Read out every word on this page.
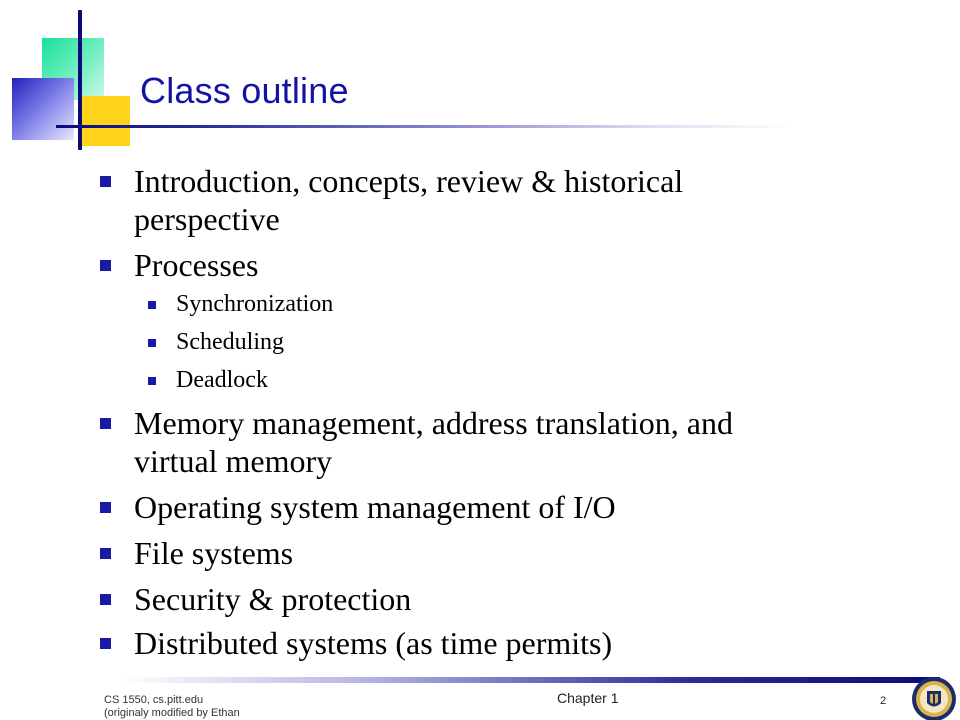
Class outline
Introduction, concepts, review & historical
perspective
Processes
Synchronization
Scheduling
Deadlock
Memory management, address translation, and
virtual memory
Operating system management of I/O
File systems
Security & protection
Distributed systems (as time permits)
CS 1550, cs.pitt.edu
(originaly modified by Ethan
Chapter 1	2
